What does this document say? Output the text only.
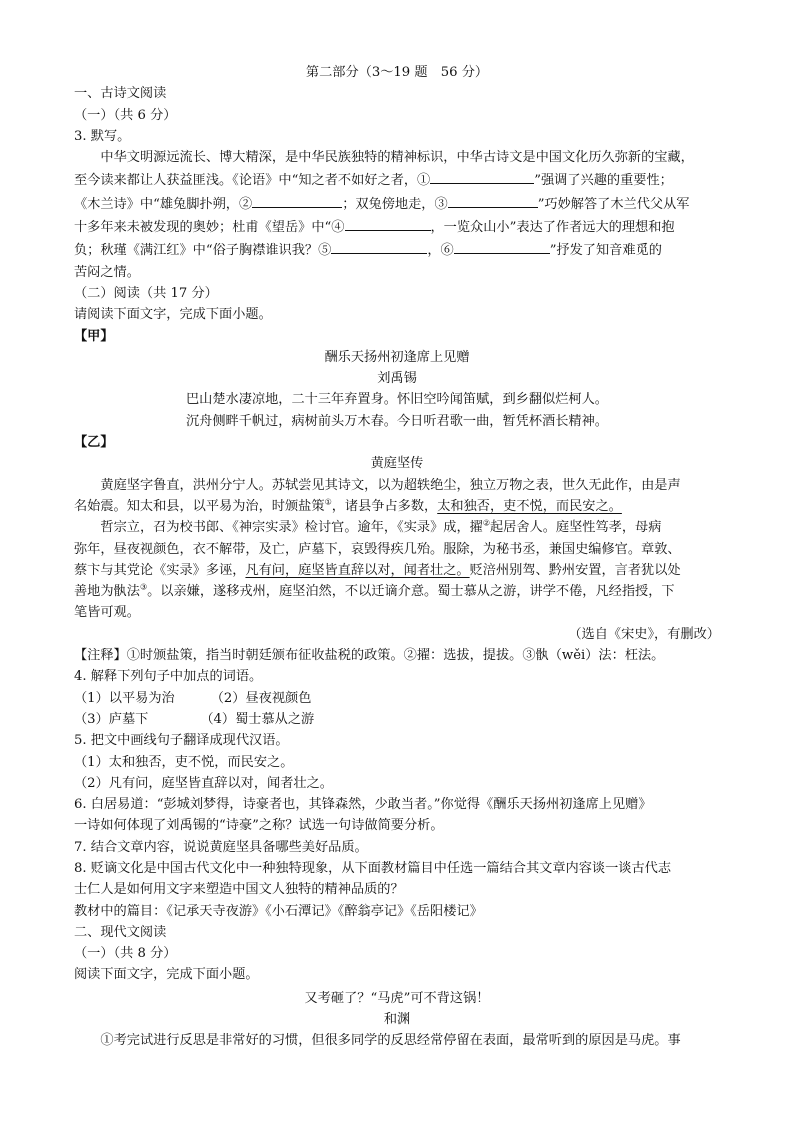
第二部分（3～19 题　56 分）
一、古诗文阅读
（一）（共 6 分）
3. 默写。
中华文明源远流长、博大精深，是中华民族独特的精神标识，中华古诗文是中国文化历久弥新的宝藏，
至今读来都让人获益匪浅。《论语》中“知之者不如好之者，①	”强调了兴趣的重要性；
《木兰诗》中“雄兔脚扑朔，②	；双兔傍地走，③	”巧妙解答了木兰代父从军
十多年来未被发现的奥妙；杜甫《望岳》中“④	，一览众山小”表达了作者远大的理想和抱
负；秋瑾《满江红》中“俗子胸襟谁识我？⑤	，⑥	”抒发了知音难觅的
苦闷之情。
（二）阅读（共 17 分）
请阅读下面文字，完成下面小题。
【甲】
酬乐天扬州初逢席上见赠
刘禹锡
巴山楚水凄凉地，二十三年弃置身。怀旧空吟闻笛赋，到乡翻似烂柯人。
沉舟侧畔千帆过，病树前头万木春。今日听君歌一曲，暂凭杯酒长精神。
【乙】
黄庭坚传
黄庭坚字鲁直，洪州分宁人。苏轼尝见其诗文，以为超轶绝尘，独立万物之表，世久无此作，由是声
名始震。知太和县，以平易为治，时颁盐策①，诸县争占多数，太和独否，吏不悦，而民安之。
哲宗立，召为校书郎、《神宗实录》检讨官。逾年，《实录》成，擢②起居舍人。庭坚性笃孝，母病
弥年，昼夜视颜色，衣不解带，及亡，庐墓下，哀毁得疾几殆。服除，为秘书丞，兼国史编修官。章敦、
蔡卞与其党论《实录》多诬，凡有问，庭坚皆直辞以对，闻者壮之。贬涪州别驾、黔州安置，言者犹以处
善地为骫法③。以亲嫌，遂移戎州，庭坚泊然，不以迁谪介意。蜀士慕从之游，讲学不倦，凡经指授，下
笔皆可观。
（选自《宋史》，有删改）
【注释】①时颁盐策，指当时朝廷颁布征收盐税的政策。②擢：选拔，提拔。③骫（wěi）法：枉法。
4. 解释下列句子中加点的词语。
（1）以平易为治	（2）昼夜视颜色
（3）庐墓下	（4）蜀士慕从之游
5. 把文中画线句子翻译成现代汉语。
（1）太和独否，吏不悦，而民安之。
（2）凡有问，庭坚皆直辞以对，闻者壮之。
6. 白居易道：“彭城刘梦得，诗豪者也，其锋森然，少敢当者。”你觉得《酬乐天扬州初逢席上见赠》
一诗如何体现了刘禹锡的“诗豪”之称？试选一句诗做简要分析。
7. 结合文章内容，说说黄庭坚具备哪些美好品质。
8. 贬谪文化是中国古代文化中一种独特现象，从下面教材篇目中任选一篇结合其文章内容谈一谈古代志
士仁人是如何用文字来塑造中国文人独特的精神品质的？
教材中的篇目：《记承天寺夜游》《小石潭记》《醉翁亭记》《岳阳楼记》
二、现代文阅读
（一）（共 8 分）
阅读下面文字，完成下面小题。
又考砸了？“马虎”可不背这锅！
和渊
①考完试进行反思是非常好的习惯，但很多同学的反思经常停留在表面，最常听到的原因是马虎。事
